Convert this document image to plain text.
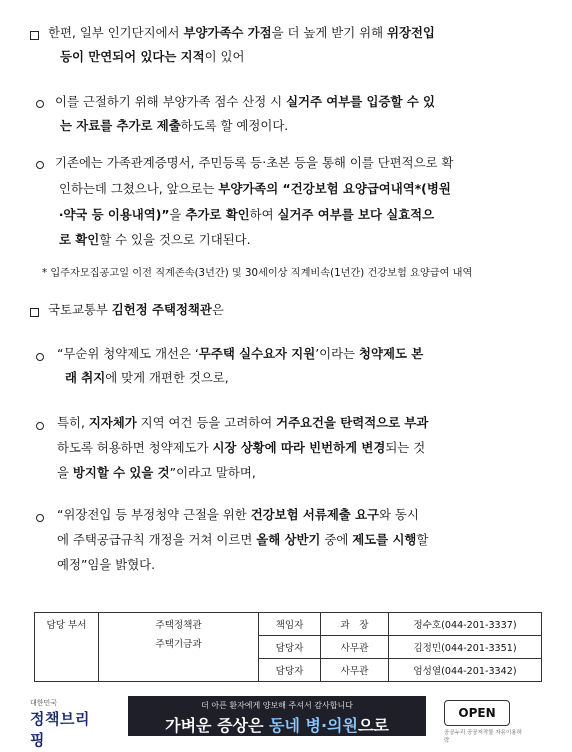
한편, 일부 인기단지에서 부양가족수 가점을 더 높게 받기 위해 위장전입
등이 만연되어 있다는 지적이 있어
이를 근절하기 위해 부양가족 점수 산정 시 실거주 여부를 입증할 수 있
는 자료를 추가로 제출하도록 할 예정이다.
기존에는 가족관계증명서, 주민등록 등‧초본 등을 통해 이를 단편적으로 확
인하는데 그쳤으나, 앞으로는 부양가족의 “건강보험 요양급여내역*(병원
‧약국 등 이용내역)”을 추가로 확인하여 실거주 여부를 보다 실효적으
로 확인할 수 있을 것으로 기대된다.
* 입주자모집공고일 이전 직계존속(3년간) 및 30세이상 직계비속(1년간) 건강보험 요양급여 내역
국토교통부 김헌정 주택정책관은
“무순위 청약제도 개선은 ‘무주택 실수요자 지원’이라는 청약제도 본
래 취지에 맞게 개편한 것으로,
특히, 지자체가 지역 여건 등을 고려하여 거주요건을 탄력적으로 부과
하도록 허용하면 청약제도가 시장 상황에 따라 빈번하게 변경되는 것
을 방지할 수 있을 것”이라고 말하며,
“위장전입 등 부정청약 근절을 위한 건강보험 서류제출 요구와 동시
에 주택공급규칙 개정을 거쳐 이르면 올해 상반기 중에 제도를 시행할
예정”임을 밝혔다.
담당 부서	주택정책관	책임자	과　장	정수호(044-201-3337)
	주택기금과	담당자	사무관	김정민(044-201-3351)
		담당자	사무관	엄성열(044-201-3342)
대한민국
정책브리핑
더 아픈 환자에게 양보해 주셔서 감사합니다
가벼운 증상은 동네 병·의원으로
OPEN
공공누리 공공저작물 자유이용허락
